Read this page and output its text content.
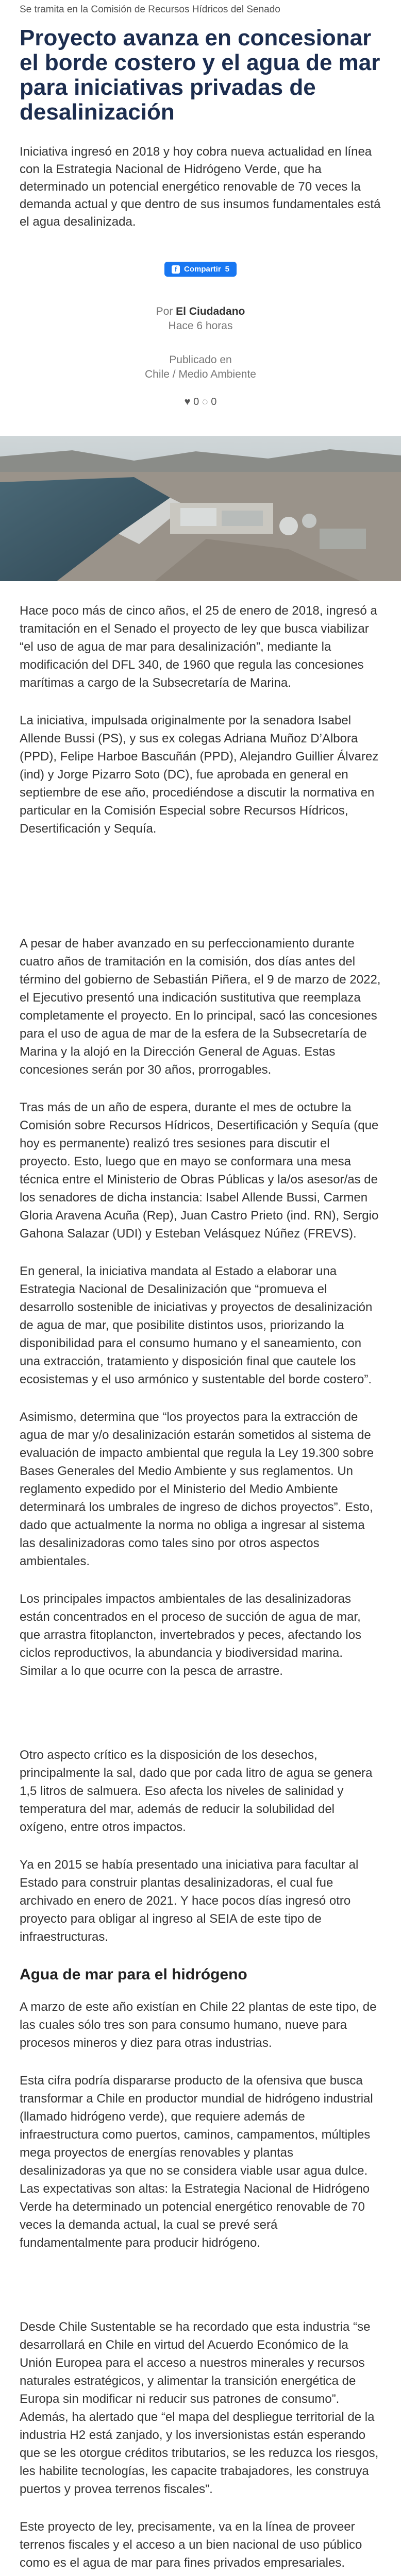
Se tramita en la Comisión de Recursos Hídricos del Senado
Proyecto avanza en concesionar el borde costero y el agua de mar para iniciativas privadas de desalinización

Iniciativa ingresó en 2018 y hoy cobra nueva actualidad en línea con la Estrategia Nacional de Hidrógeno Verde, que ha determinado un potencial energético renovable de 70 veces la demanda actual y que dentro de sus insumos fundamentales está el agua desalinizada.

f Compartir 5
Por El Ciudadano
Hace 6 horas
Publicado en
Chile / Medio Ambiente
♥ 0 ◌ 0

Hace poco más de cinco años, el 25 de enero de 2018, ingresó a tramitación en el Senado el proyecto de ley que busca viabilizar “el uso de agua de mar para desalinización”, mediante la modificación del DFL 340, de 1960 que regula las concesiones marítimas a cargo de la Subsecretaría de Marina.

La iniciativa, impulsada originalmente por la senadora Isabel Allende Bussi (PS), y sus ex colegas Adriana Muñoz D’Albora (PPD), Felipe Harboe Bascuñán (PPD), Alejandro Guillier Álvarez (ind) y Jorge Pizarro Soto (DC), fue aprobada en general en septiembre de ese año, procediéndose a discutir la normativa en particular en la Comisión Especial sobre Recursos Hídricos, Desertificación y Sequía.

A pesar de haber avanzado en su perfeccionamiento durante cuatro años de tramitación en la comisión, dos días antes del término del gobierno de Sebastián Piñera, el 9 de marzo de 2022, el Ejecutivo presentó una indicación sustitutiva que reemplaza completamente el proyecto. En lo principal, sacó las concesiones para el uso de agua de mar de la esfera de la Subsecretaría de Marina y la alojó en la Dirección General de Aguas. Estas concesiones serán por 30 años, prorrogables.

Tras más de un año de espera, durante el mes de octubre la Comisión sobre Recursos Hídricos, Desertificación y Sequía (que hoy es permanente) realizó tres sesiones para discutir el proyecto. Esto, luego que en mayo se conformara una mesa técnica entre el Ministerio de Obras Públicas y la/os asesor/as de los senadores de dicha instancia: Isabel Allende Bussi, Carmen Gloria Aravena Acuña (Rep), Juan Castro Prieto (ind. RN), Sergio Gahona Salazar (UDI) y Esteban Velásquez Núñez (FREVS).

En general, la iniciativa mandata al Estado a elaborar una Estrategia Nacional de Desalinización que “promueva el desarrollo sostenible de iniciativas y proyectos de desalinización de agua de mar, que posibilite distintos usos, priorizando la disponibilidad para el consumo humano y el saneamiento, con una extracción, tratamiento y disposición final que cautele los ecosistemas y el uso armónico y sustentable del borde costero”.

Asimismo, determina que “los proyectos para la extracción de agua de mar y/o desalinización estarán sometidos al sistema de evaluación de impacto ambiental que regula la Ley 19.300 sobre Bases Generales del Medio Ambiente y sus reglamentos. Un reglamento expedido por el Ministerio del Medio Ambiente determinará los umbrales de ingreso de dichos proyectos”. Esto, dado que actualmente la norma no obliga a ingresar al sistema las desalinizadoras como tales sino por otros aspectos ambientales.

Los principales impactos ambientales de las desalinizadoras están concentrados en el proceso de succión de agua de mar, que arrastra fitoplancton, invertebrados y peces, afectando los ciclos reproductivos, la abundancia y biodiversidad marina. Similar a lo que ocurre con la pesca de arrastre.

Otro aspecto crítico es la disposición de los desechos, principalmente la sal, dado que por cada litro de agua se genera 1,5 litros de salmuera. Eso afecta los niveles de salinidad y temperatura del mar, además de reducir la solubilidad del oxígeno, entre otros impactos.

Ya en 2015 se había presentado una iniciativa para facultar al Estado para construir plantas desalinizadoras, el cual fue archivado en enero de 2021. Y hace pocos días ingresó otro proyecto para obligar al ingreso al SEIA de este tipo de infraestructuras.

Agua de mar para el hidrógeno

A marzo de este año existían en Chile 22 plantas de este tipo, de las cuales sólo tres son para consumo humano, nueve para procesos mineros y diez para otras industrias.

Esta cifra podría dispararse producto de la ofensiva que busca transformar a Chile en productor mundial de hidrógeno industrial (llamado hidrógeno verde), que requiere además de infraestructura como puertos, caminos, campamentos, múltiples mega proyectos de energías renovables y plantas desalinizadoras ya que no se considera viable usar agua dulce. Las expectativas son altas: la Estrategia Nacional de Hidrógeno Verde ha determinado un potencial energético renovable de 70 veces la demanda actual, la cual se prevé será fundamentalmente para producir hidrógeno.

Desde Chile Sustentable se ha recordado que esta industria “se desarrollará en Chile en virtud del Acuerdo Económico de la Unión Europea para el acceso a nuestros minerales y recursos naturales estratégicos, y alimentar la transición energética de Europa sin modificar ni reducir sus patrones de consumo”. Además, ha alertado que “el mapa del despliegue territorial de la industria H2 está zanjado, y los inversionistas están esperando que se les otorgue créditos tributarios, se les reduzca los riesgos, les habilite tecnologías, les capacite trabajadores, les construya puertos y provea terrenos fiscales”.

Este proyecto de ley, precisamente, va en la línea de proveer terrenos fiscales y el acceso a un bien nacional de uso público como es el agua de mar para fines privados empresariales.
